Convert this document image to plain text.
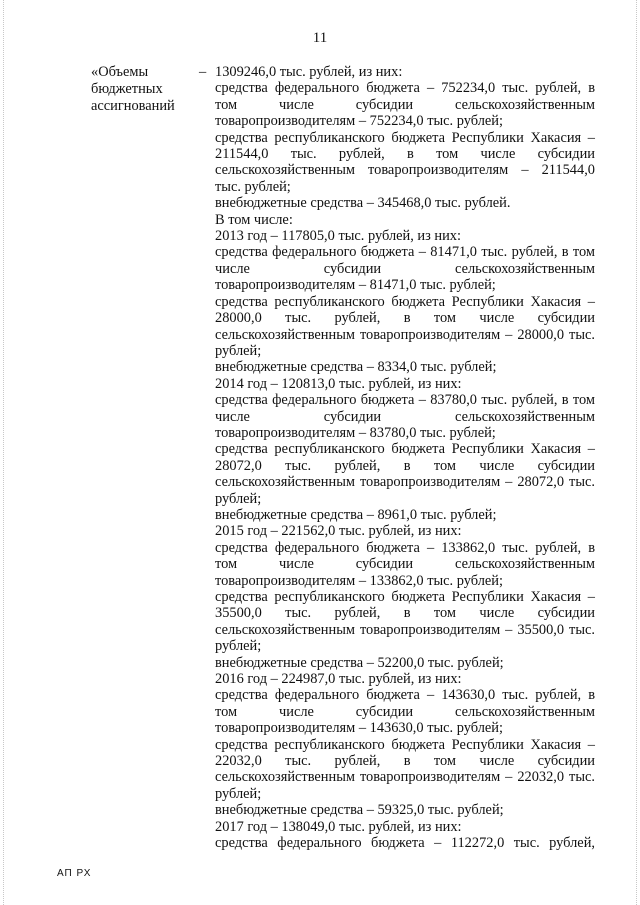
11
«Объемы бюджетных ассигнований
– 1309246,0 тыс. рублей, из них:

средства федерального бюджета – 752234,0 тыс. рублей, в том числе субсидии сельскохозяйственным товаропроизводителям – 752234,0 тыс. рублей;

средства республиканского бюджета Республики Хакасия – 211544,0 тыс. рублей, в том числе субсидии сельскохозяйственным товаропроизводителям – 211544,0 тыс. рублей;

внебюджетные средства – 345468,0 тыс. рублей.

В том числе:

2013 год – 117805,0 тыс. рублей, из них:

средства федерального бюджета – 81471,0 тыс. рублей, в том числе субсидии сельскохозяйственным товаропроизводителям – 81471,0 тыс. рублей;

средства республиканского бюджета Республики Хакасия – 28000,0 тыс. рублей, в том числе субсидии сельскохозяйственным товаропроизводителям – 28000,0 тыс. рублей;

внебюджетные средства – 8334,0 тыс. рублей;

2014 год – 120813,0 тыс. рублей, из них:

средства федерального бюджета – 83780,0 тыс. рублей, в том числе субсидии сельскохозяйственным товаропроизводителям – 83780,0 тыс. рублей;

средства республиканского бюджета Республики Хакасия – 28072,0 тыс. рублей, в том числе субсидии сельскохозяйственным товаропроизводителям – 28072,0 тыс. рублей;

внебюджетные средства – 8961,0 тыс. рублей;

2015 год – 221562,0 тыс. рублей, из них:

средства федерального бюджета – 133862,0 тыс. рублей, в том числе субсидии сельскохозяйственным товаропроизводителям – 133862,0 тыс. рублей;

средства республиканского бюджета Республики Хакасия – 35500,0 тыс. рублей, в том числе субсидии сельскохозяйственным товаропроизводителям – 35500,0 тыс. рублей;

внебюджетные средства – 52200,0 тыс. рублей;

2016 год – 224987,0 тыс. рублей, из них:

средства федерального бюджета – 143630,0 тыс. рублей, в том числе субсидии сельскохозяйственным товаропроизводителям – 143630,0 тыс. рублей;

средства республиканского бюджета Республики Хакасия – 22032,0 тыс. рублей, в том числе субсидии сельскохозяйственным товаропроизводителям – 22032,0 тыс. рублей;

внебюджетные средства – 59325,0 тыс. рублей;

2017 год – 138049,0 тыс. рублей, из них:

средства федерального бюджета – 112272,0 тыс. рублей,

АП РХ
